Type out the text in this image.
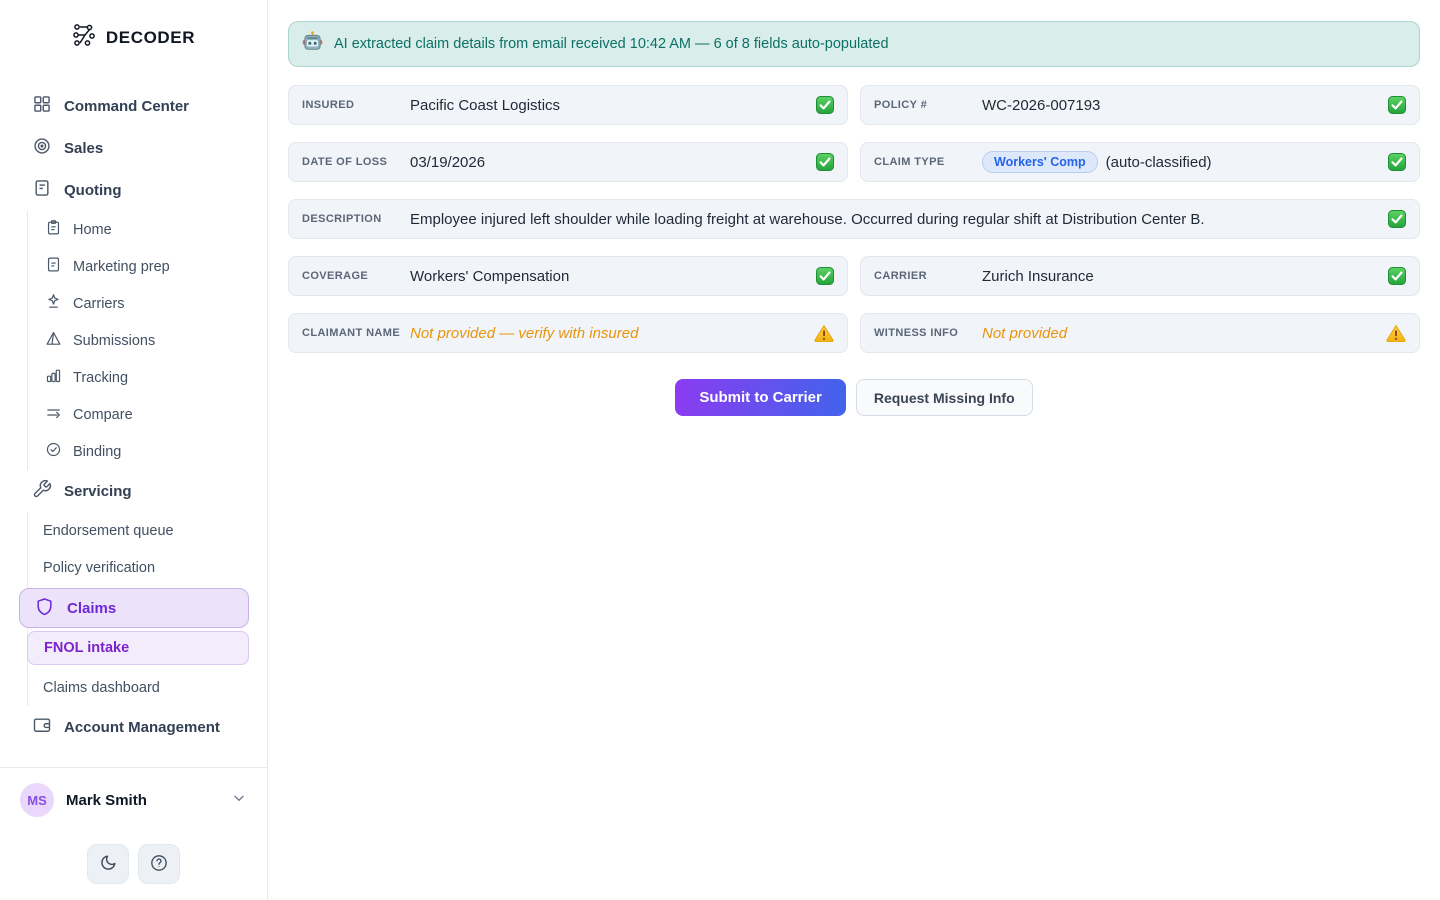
DECODER
Command Center
Sales
Quoting
Home
Marketing prep
Carriers
Submissions
Tracking
Compare
Binding
Servicing
Endorsement queue
Policy verification
Claims
FNOL intake
Claims dashboard
Account Management
MS	Mark Smith
AI extracted claim details from email received 10:42 AM — 6 of 8 fields auto-populated
INSURED	Pacific Coast Logistics	POLICY #	WC-2026-007193
DATE OF LOSS	03/19/2026	CLAIM TYPE	Workers' Comp	(auto-classified)
DESCRIPTION	Employee injured left shoulder while loading freight at warehouse. Occurred during regular shift at Distribution Center B.
COVERAGE	Workers' Compensation	CARRIER	Zurich Insurance
CLAIMANT NAME Not provided — verify with insured	WITNESS INFO	Not provided
Submit to Carrier	Request Missing Info
